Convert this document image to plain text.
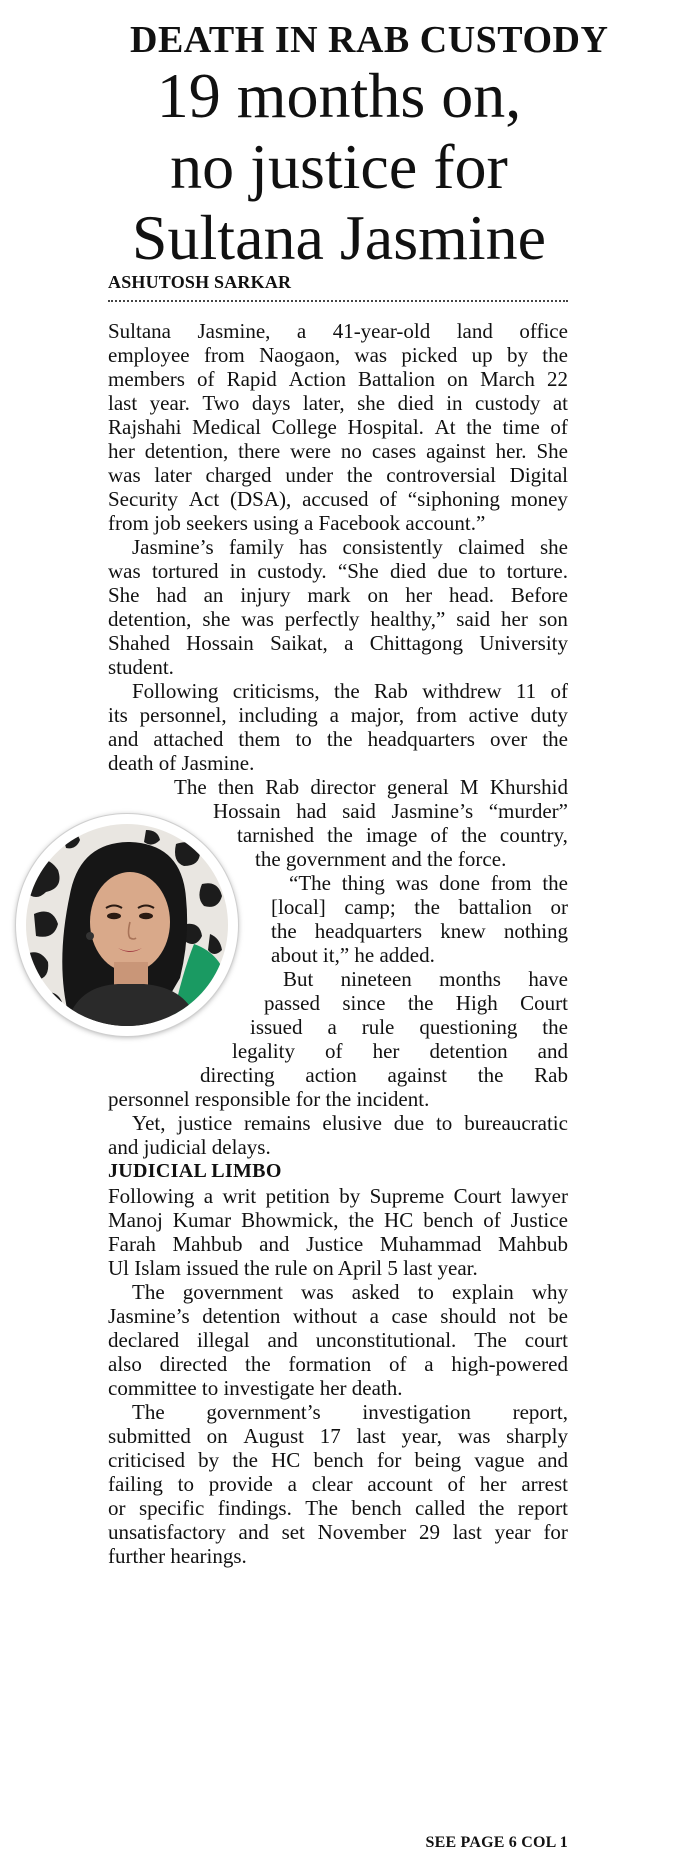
DEATH IN RAB CUSTODY
19 months on,
no justice for
Sultana Jasmine
ASHUTOSH SARKAR
Sultana Jasmine, a 41-year-old land office
employee from Naogaon, was picked up by the
members of Rapid Action Battalion on March 22
last year. Two days later, she died in custody at
Rajshahi Medical College Hospital. At the time of
her detention, there were no cases against her. She
was later charged under the controversial Digital
Security Act (DSA), accused of “siphoning money
from job seekers using a Facebook account.”
Jasmine’s family has consistently claimed she
was tortured in custody. “She died due to torture.
She had an injury mark on her head. Before
detention, she was perfectly healthy,” said her son
Shahed Hossain Saikat, a Chittagong University
student.
Following criticisms, the Rab withdrew 11 of
its personnel, including a major, from active duty
and attached them to the headquarters over the
death of Jasmine.
The then Rab director general M Khurshid
Hossain had said Jasmine’s “murder”
tarnished the image of the country,
the government and the force.
“The thing was done from the
[local] camp; the battalion or
the headquarters knew nothing
about it,” he added.
But nineteen months have
passed since the High Court
issued a rule questioning the
legality of her detention and
directing action against the Rab
personnel responsible for the incident.
Yet, justice remains elusive due to bureaucratic
and judicial delays.
JUDICIAL LIMBO
Following a writ petition by Supreme Court lawyer
Manoj Kumar Bhowmick, the HC bench of Justice
Farah Mahbub and Justice Muhammad Mahbub
Ul Islam issued the rule on April 5 last year.
The government was asked to explain why
Jasmine’s detention without a case should not be
declared illegal and unconstitutional. The court
also directed the formation of a high-powered
committee to investigate her death.
The government’s investigation report,
submitted on August 17 last year, was sharply
criticised by the HC bench for being vague and
failing to provide a clear account of her arrest
or specific findings. The bench called the report
unsatisfactory and set November 29 last year for
further hearings.
SEE PAGE 6 COL 1
